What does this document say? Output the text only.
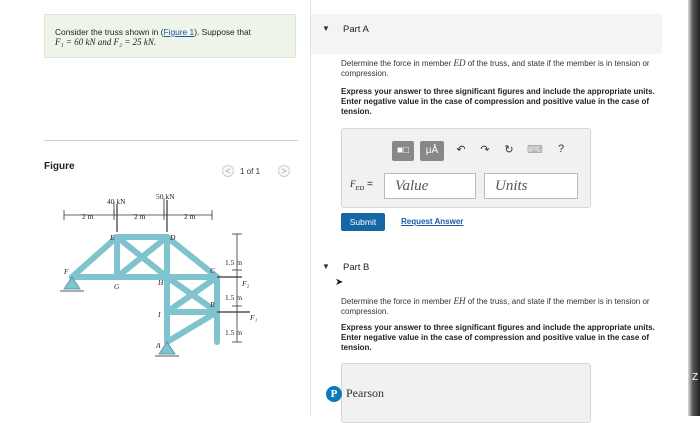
Consider the truss shown in (Figure 1). Suppose that
F₁ = 60 kN and F₂ = 25 kN.
Figure	<	1 of 1	>
40 kN
50 kN
2 m	2 m	2 m
1.5 m
1.5 m
1.5 m
F
E	D
G	H
I
A
B
C
F₂
F₁
▼ Part A
Determine the force in member ED of the truss, and state if the member is in tension or compression.
Express your answer to three significant figures and include the appropriate units. Enter negative value in the case of compression and positive value in the case of tension.
■□	μÅ	↶ ↷ ↻ ⌨	?
$F_{ED}$ =	Value	Units
Submit	Request Answer
▼ Part B
➤
Determine the force in member EH of the truss, and state if the member is in tension or compression.
Express your answer to three significant figures and include the appropriate units. Enter negative value in the case of compression and positive value in the case of tension.
P Pearson
Z
